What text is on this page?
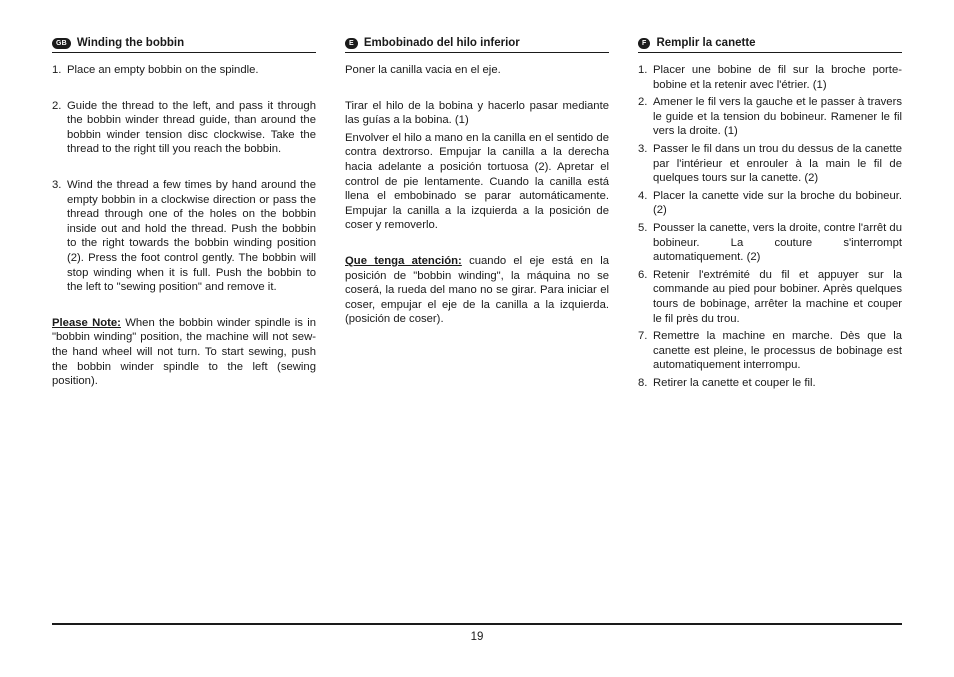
GB Winding the bobbin
1. Place an empty bobbin on the spindle.
2. Guide the thread to the left, and pass it through the bobbin winder thread guide, than around the bobbin winder tension disc clockwise. Take the thread to the right till you reach the bobbin.
3. Wind the thread a few times by hand around the empty bobbin in a clockwise direction or pass the thread through one of the holes on the bobbin inside out and hold the thread. Push the bobbin to the right towards the bobbin winding position (2). Press the foot control gently. The bobbin will stop winding when it is full. Push the bobbin to the left to "sewing position" and remove it.

Please Note: When the bobbin winder spindle is in "bobbin winding" position, the machine will not sew-the hand wheel will not turn. To start sewing, push the bobbin winder spindle to the left (sewing position).

E Embobinado del hilo inferior

Poner la canilla vacia en el eje.

Tirar el hilo de la bobina y hacerlo pasar mediante las guías a la bobina. (1)

Envolver el hilo a mano en la canilla en el sentido de contra dextrorso. Empujar la canilla a la derecha hacia adelante a posición tortuosa (2). Apretar el control de pie lentamente. Cuando la canilla está llena el embobinado se parar automáticamente. Empujar la canilla a la izquierda a la posición de coser y removerlo.

Que tenga atención: cuando el eje está en la posición de "bobbin winding", la máquina no se coserá, la rueda del mano no se girar. Para iniciar el coser, empujar el eje de la canilla a la izquierda. (posición de coser).

F Remplir la canette
1. Placer une bobine de fil sur la broche porte-bobine et la retenir avec l'étrier. (1)
2. Amener le fil vers la gauche et le passer à travers le guide et la tension du bobineur. Ramener le fil vers la droite. (1)
3. Passer le fil dans un trou du dessus de la canette par l'intérieur et enrouler à la main le fil de quelques tours sur la canette. (2)
4. Placer la canette vide sur la broche du bobineur. (2)
5. Pousser la canette, vers la droite, contre l'arrêt du bobineur. La couture s'interrompt automatiquement. (2)
6. Retenir l'extrémité du fil et appuyer sur la commande au pied pour bobiner. Après quelques tours de bobinage, arrêter la machine et couper le fil près du trou.
7. Remettre la machine en marche. Dès que la canette est pleine, le processus de bobinage est automatiquement interrompu.
8. Retirer la canette et couper le fil.
19
